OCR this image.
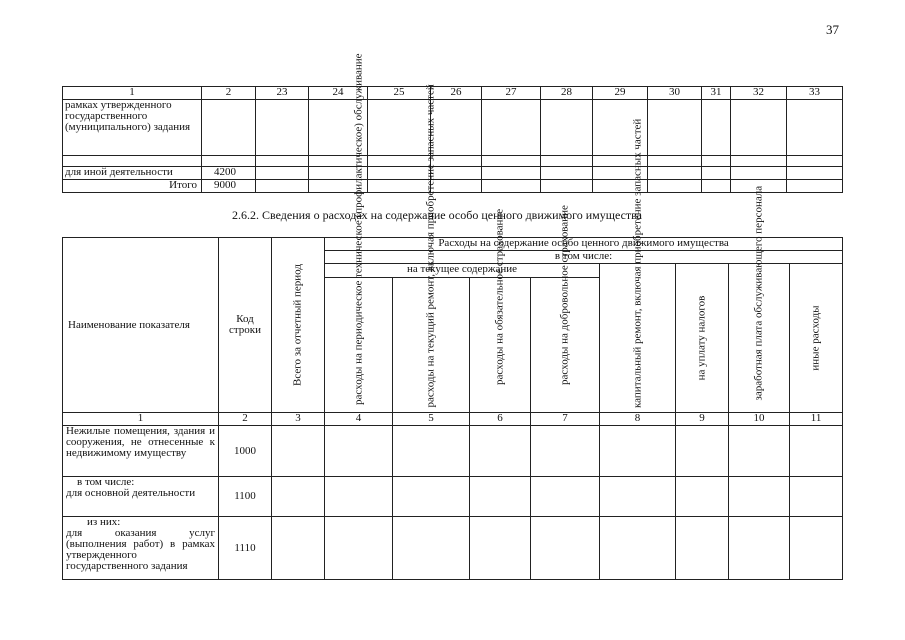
37
1	2	23	24	25	26	27	28	29	30	31	32	33
рамках утвержденного государственного (муниципального) задания												

для иной деятельности	4200											
Итого	9000											
2.6.2. Сведения о расходах на содержание особо ценного движимого имущества
Наименование показателя	Код строки	Всего за отчетный период	Расходы на содержание особо ценного движимого имущества							
			в том числе:							
			на текущее содержание				капитальный ремонт, включая приобретение запасных частей	на уплату налогов	заработная плата обслуживающего персонала	иные расходы

			расходы на периодическое техническое (профилактическое) обслуживание	расходы на текущий ремонт, включая приобретение запасных частей	расходы на обязательное страхование	расходы на добровольное страхование				

1	2	3	4	5	6	7	8	9	10	11

Нежилые помещения, здания и сооружения, не отнесенные к недвижимому имуществу	1000									

в том числе:
для основной деятельности	1100									

из них:
для оказания услуг (выполнения работ) в рамках утвержденного государственного задания	1110									
